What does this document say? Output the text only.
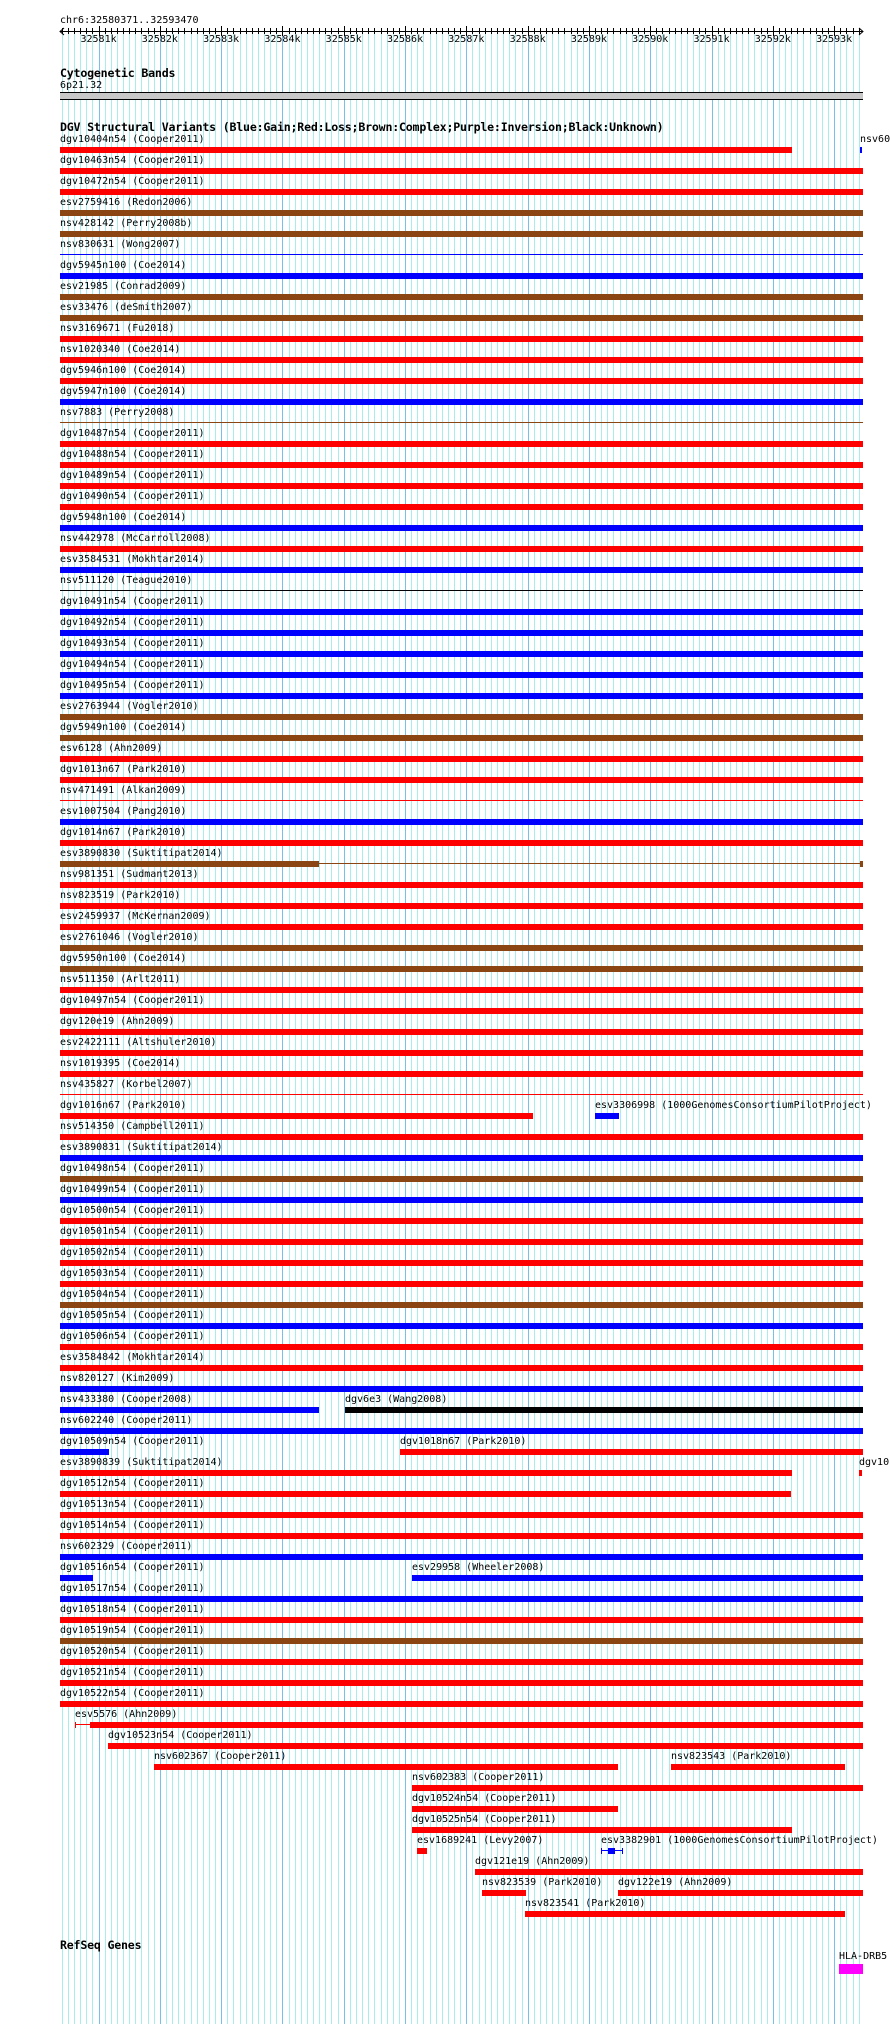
chr6:32580371..32593470
32581k	32582k	32583k	32584k	32585k	32586k	32587k	32588k	32589k	32590k	32591k	32592k	32593k
Cytogenetic Bands
6p21.32
DGV Structural Variants (Blue:Gain;Red:Loss;Brown:Complex;Purple:Inversion;Black:Unknown)
dgv10404n54 (Cooper2011)	nsv60
dgv10463n54 (Cooper2011)
dgv10472n54 (Cooper2011)
esv2759416 (Redon2006)
nsv428142 (Perry2008b)
nsv830631 (Wong2007)
dgv5945n100 (Coe2014)
esv21985 (Conrad2009)
esv33476 (deSmith2007)
nsv3169671 (Fu2018)
nsv1020340 (Coe2014)
dgv5946n100 (Coe2014)
dgv5947n100 (Coe2014)
nsv7883 (Perry2008)
dgv10487n54 (Cooper2011)
dgv10488n54 (Cooper2011)
dgv10489n54 (Cooper2011)
dgv10490n54 (Cooper2011)
dgv5948n100 (Coe2014)
nsv442978 (McCarroll2008)
esv3584531 (Mokhtar2014)
nsv511120 (Teague2010)
dgv10491n54 (Cooper2011)
dgv10492n54 (Cooper2011)
dgv10493n54 (Cooper2011)
dgv10494n54 (Cooper2011)
dgv10495n54 (Cooper2011)
esv2763944 (Vogler2010)
dgv5949n100 (Coe2014)
esv6128 (Ahn2009)
dgv1013n67 (Park2010)
nsv471491 (Alkan2009)
esv1007504 (Pang2010)
dgv1014n67 (Park2010)
esv3890830 (Suktitipat2014)
nsv981351 (Sudmant2013)
nsv823519 (Park2010)
esv2459937 (McKernan2009)
esv2761046 (Vogler2010)
dgv5950n100 (Coe2014)
nsv511350 (Arlt2011)
dgv10497n54 (Cooper2011)
dgv120e19 (Ahn2009)
esv2422111 (Altshuler2010)
nsv1019395 (Coe2014)
nsv435827 (Korbel2007)
dgv1016n67 (Park2010)	esv3306998 (1000GenomesConsortiumPilotProject)
nsv514350 (Campbell2011)
esv3890831 (Suktitipat2014)
dgv10498n54 (Cooper2011)
dgv10499n54 (Cooper2011)
dgv10500n54 (Cooper2011)
dgv10501n54 (Cooper2011)
dgv10502n54 (Cooper2011)
dgv10503n54 (Cooper2011)
dgv10504n54 (Cooper2011)
dgv10505n54 (Cooper2011)
dgv10506n54 (Cooper2011)
esv3584842 (Mokhtar2014)
nsv820127 (Kim2009)
nsv433380 (Cooper2008)	dgv6e3 (Wang2008)
nsv602240 (Cooper2011)
dgv10509n54 (Cooper2011)	dgv1018n67 (Park2010)
esv3890839 (Suktitipat2014)	dgv10
dgv10512n54 (Cooper2011)
dgv10513n54 (Cooper2011)
dgv10514n54 (Cooper2011)
nsv602329 (Cooper2011)
dgv10516n54 (Cooper2011)	esv29958 (Wheeler2008)
dgv10517n54 (Cooper2011)
dgv10518n54 (Cooper2011)
dgv10519n54 (Cooper2011)
dgv10520n54 (Cooper2011)
dgv10521n54 (Cooper2011)
dgv10522n54 (Cooper2011)
esv5576 (Ahn2009)
dgv10523n54 (Cooper2011)
nsv602367 (Cooper2011)	nsv823543 (Park2010)
nsv602383 (Cooper2011)
dgv10524n54 (Cooper2011)
dgv10525n54 (Cooper2011)
esv1689241 (Levy2007)	esv3382901 (1000GenomesConsortiumPilotProject)
dgv121e19 (Ahn2009)
nsv823539 (Park2010) dgv122e19 (Ahn2009)
nsv823541 (Park2010)
RefSeq Genes
HLA-DRB5
